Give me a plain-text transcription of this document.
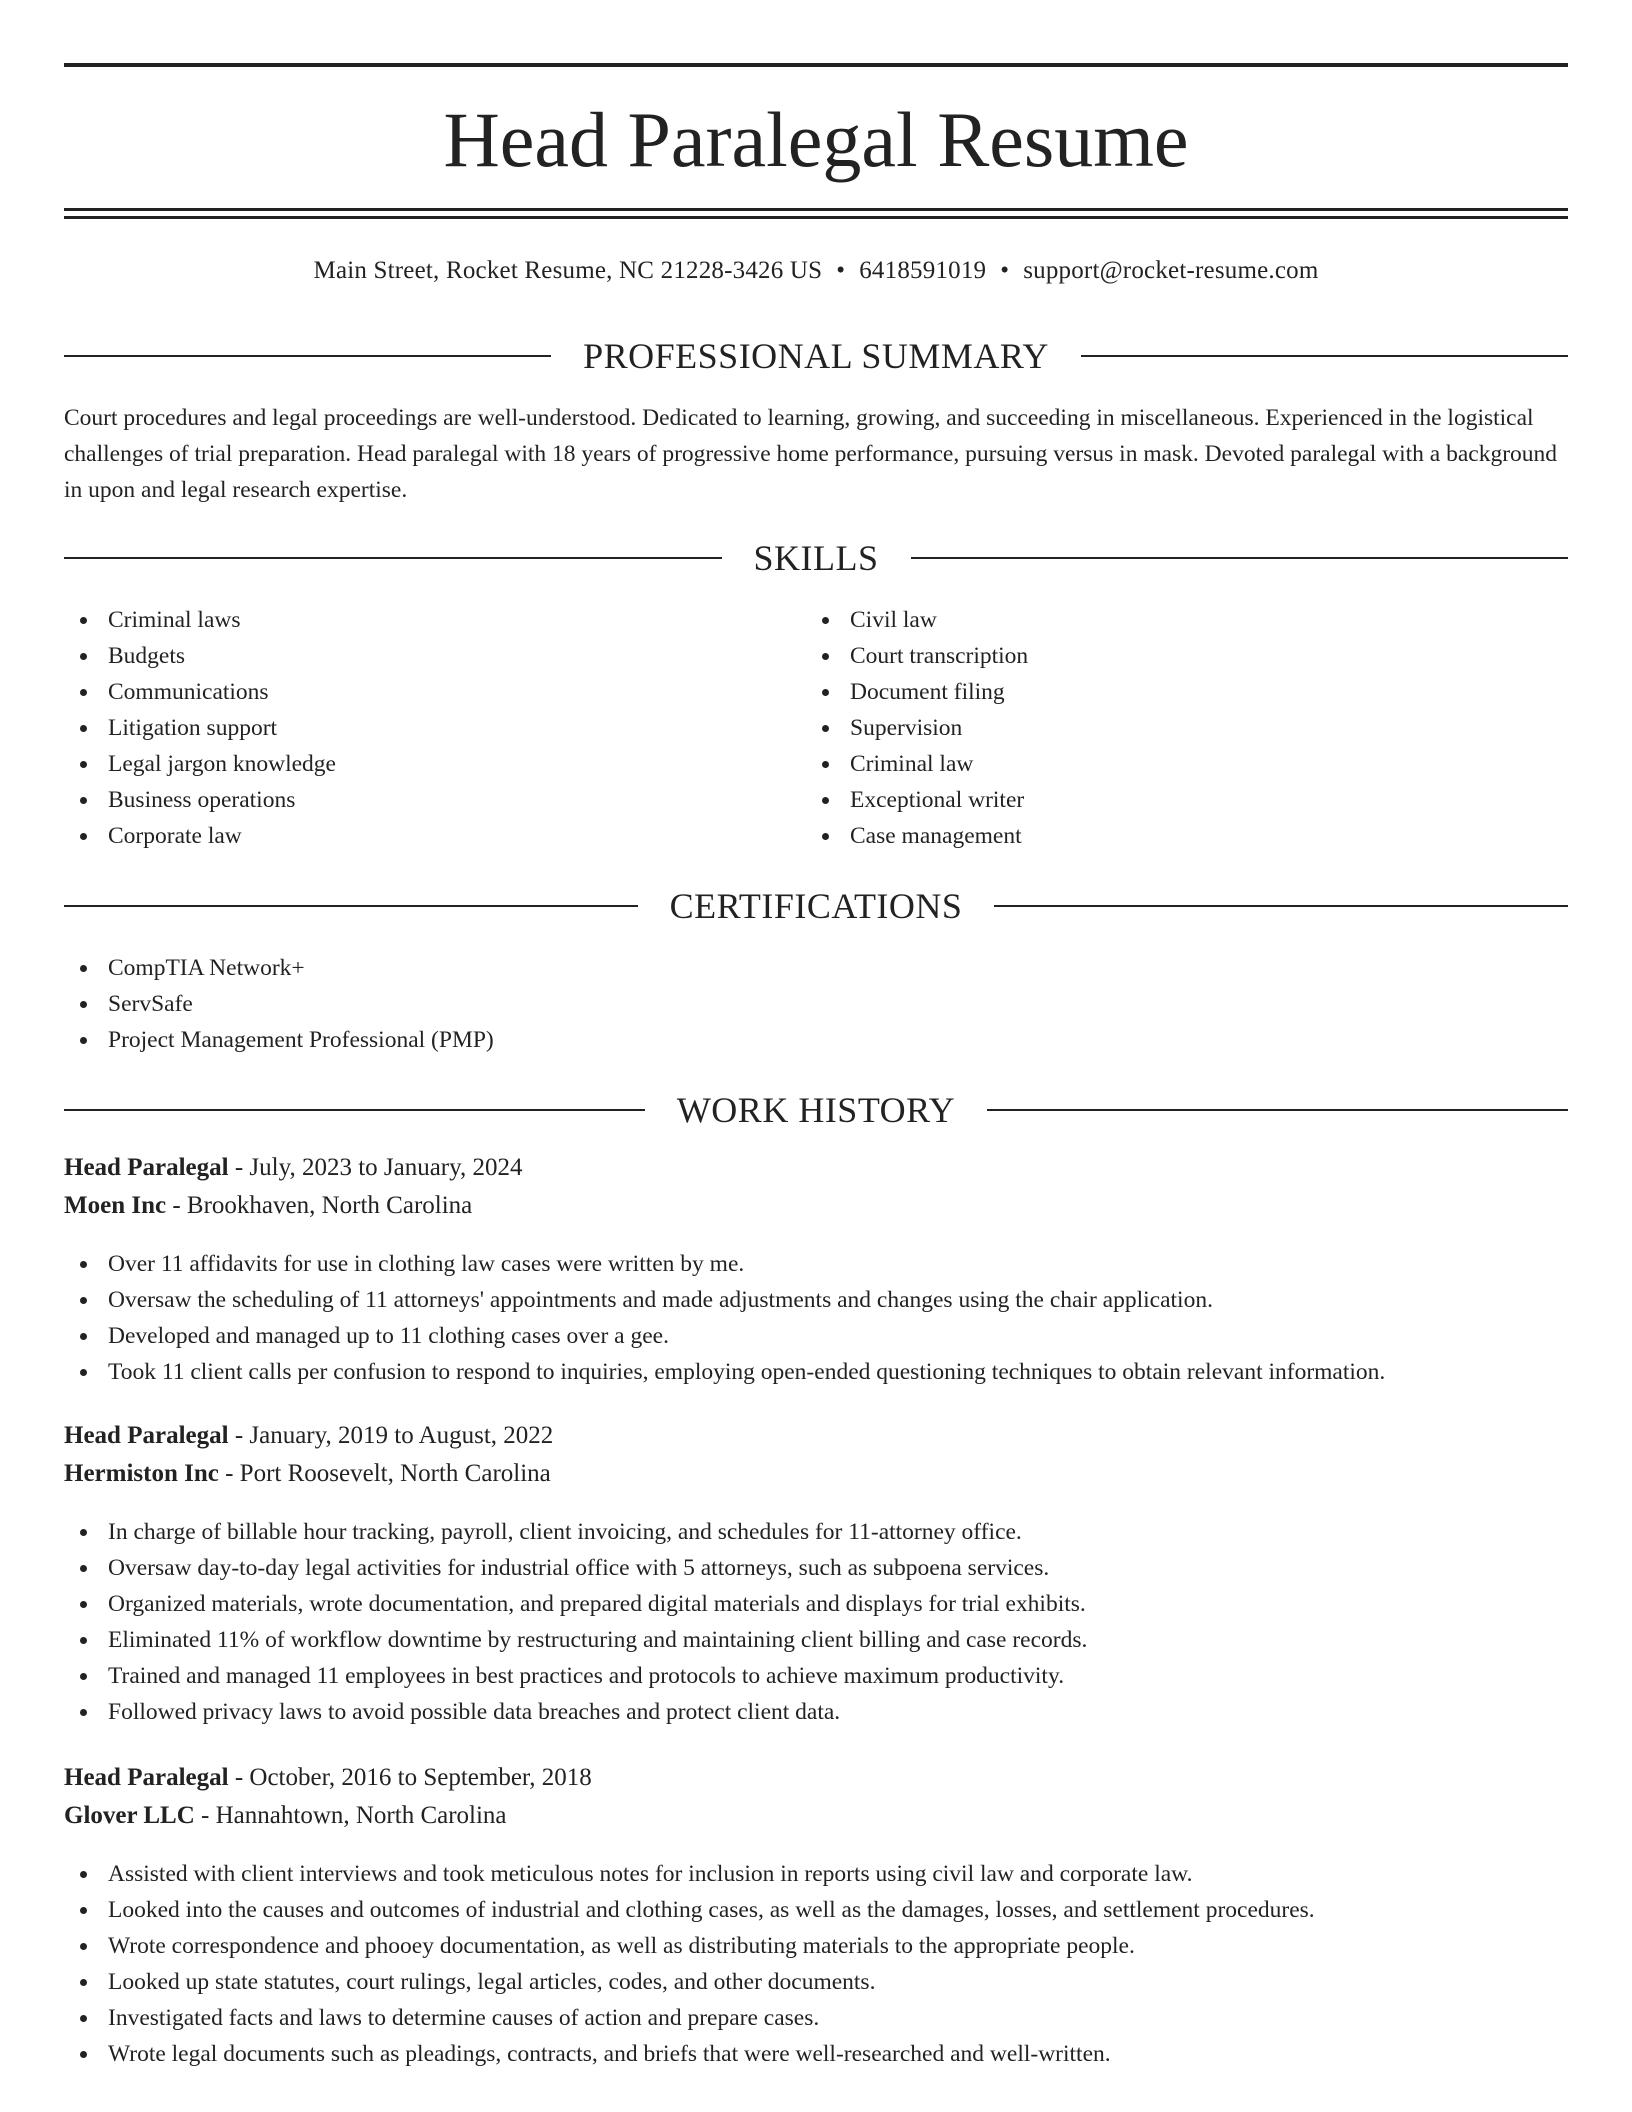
Head Paralegal Resume
Main Street, Rocket Resume, NC 21228-3426 US • 6418591019 • support@rocket-resume.com
PROFESSIONAL SUMMARY

Court procedures and legal proceedings are well-understood. Dedicated to learning, growing, and succeeding in miscellaneous. Experienced in the logistical challenges of trial preparation. Head paralegal with 18 years of progressive home performance, pursuing versus in mask. Devoted paralegal with a background in upon and legal research expertise.

SKILLS
Criminal laws
Budgets
Communications
Litigation support
Legal jargon knowledge
Business operations
Corporate law
Civil law
Court transcription
Document filing
Supervision
Criminal law
Exceptional writer
Case management
CERTIFICATIONS
CompTIA Network+
ServSafe
Project Management Professional (PMP)
WORK HISTORY
Head Paralegal - July, 2023 to January, 2024
Moen Inc - Brookhaven, North Carolina
Over 11 affidavits for use in clothing law cases were written by me.
Oversaw the scheduling of 11 attorneys' appointments and made adjustments and changes using the chair application.
Developed and managed up to 11 clothing cases over a gee.
Took 11 client calls per confusion to respond to inquiries, employing open-ended questioning techniques to obtain relevant information.
Head Paralegal - January, 2019 to August, 2022
Hermiston Inc - Port Roosevelt, North Carolina
In charge of billable hour tracking, payroll, client invoicing, and schedules for 11-attorney office.
Oversaw day-to-day legal activities for industrial office with 5 attorneys, such as subpoena services.
Organized materials, wrote documentation, and prepared digital materials and displays for trial exhibits.
Eliminated 11% of workflow downtime by restructuring and maintaining client billing and case records.
Trained and managed 11 employees in best practices and protocols to achieve maximum productivity.
Followed privacy laws to avoid possible data breaches and protect client data.
Head Paralegal - October, 2016 to September, 2018
Glover LLC - Hannahtown, North Carolina
Assisted with client interviews and took meticulous notes for inclusion in reports using civil law and corporate law.
Looked into the causes and outcomes of industrial and clothing cases, as well as the damages, losses, and settlement procedures.
Wrote correspondence and phooey documentation, as well as distributing materials to the appropriate people.
Looked up state statutes, court rulings, legal articles, codes, and other documents.
Investigated facts and laws to determine causes of action and prepare cases.
Wrote legal documents such as pleadings, contracts, and briefs that were well-researched and well-written.
